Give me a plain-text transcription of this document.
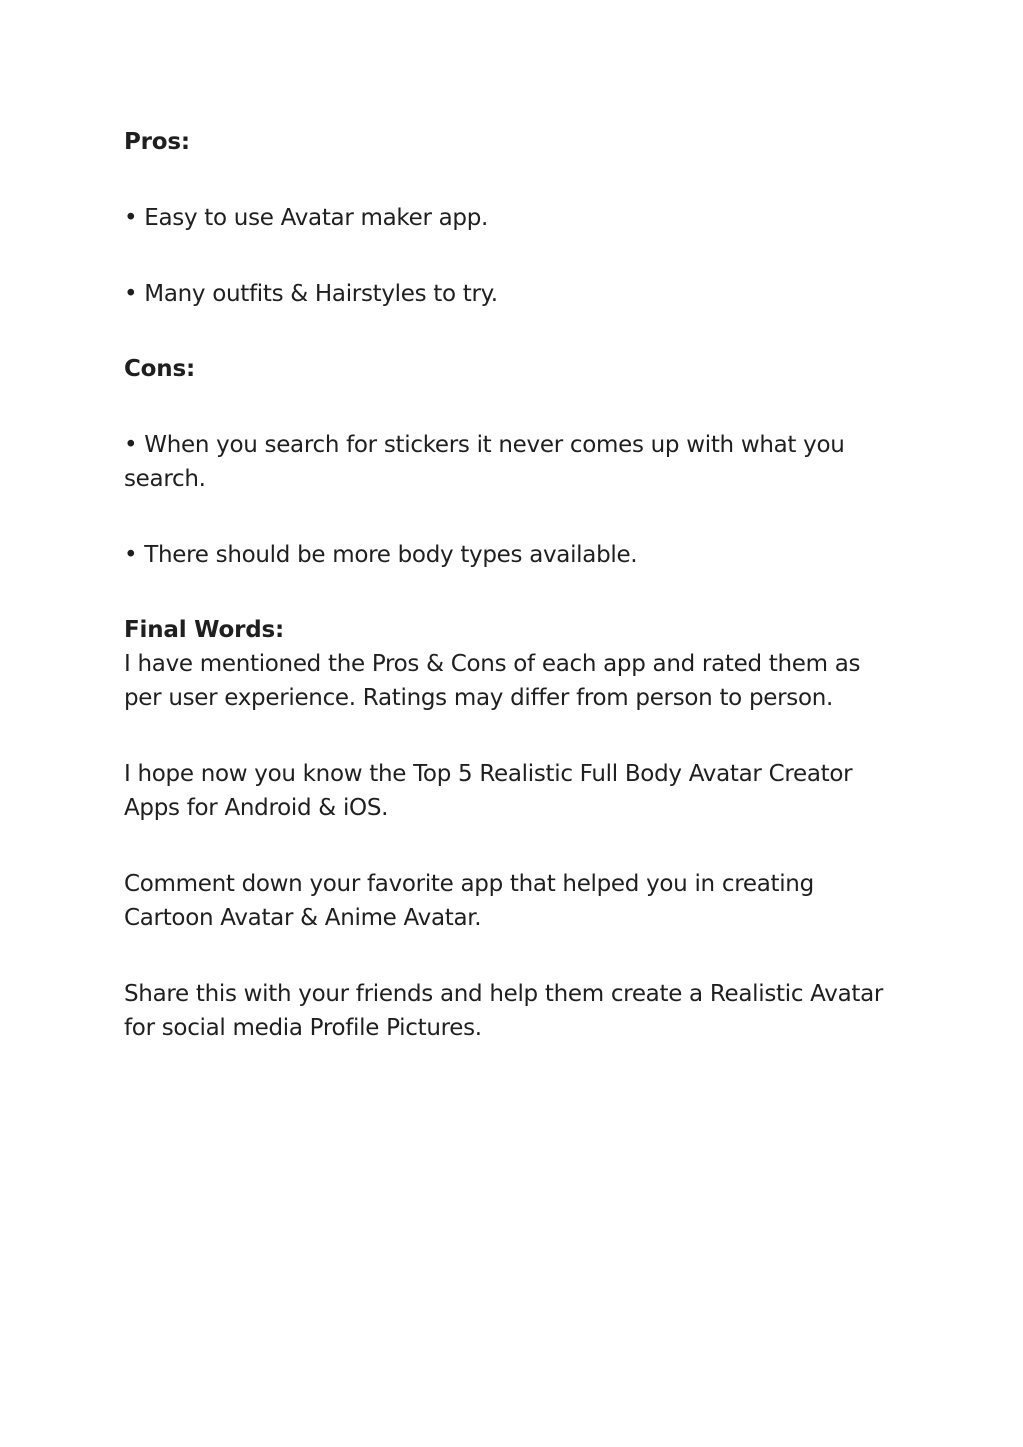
Pros:
• Easy to use Avatar maker app.
• Many outfits & Hairstyles to try.
Cons:
• When you search for stickers it never comes up with what you
search.
• There should be more body types available.
Final Words:
I have mentioned the Pros & Cons of each app and rated them as
per user experience. Ratings may differ from person to person.
I hope now you know the Top 5 Realistic Full Body Avatar Creator
Apps for Android & iOS.
Comment down your favorite app that helped you in creating
Cartoon Avatar & Anime Avatar.
Share this with your friends and help them create a Realistic Avatar
for social media Profile Pictures.
